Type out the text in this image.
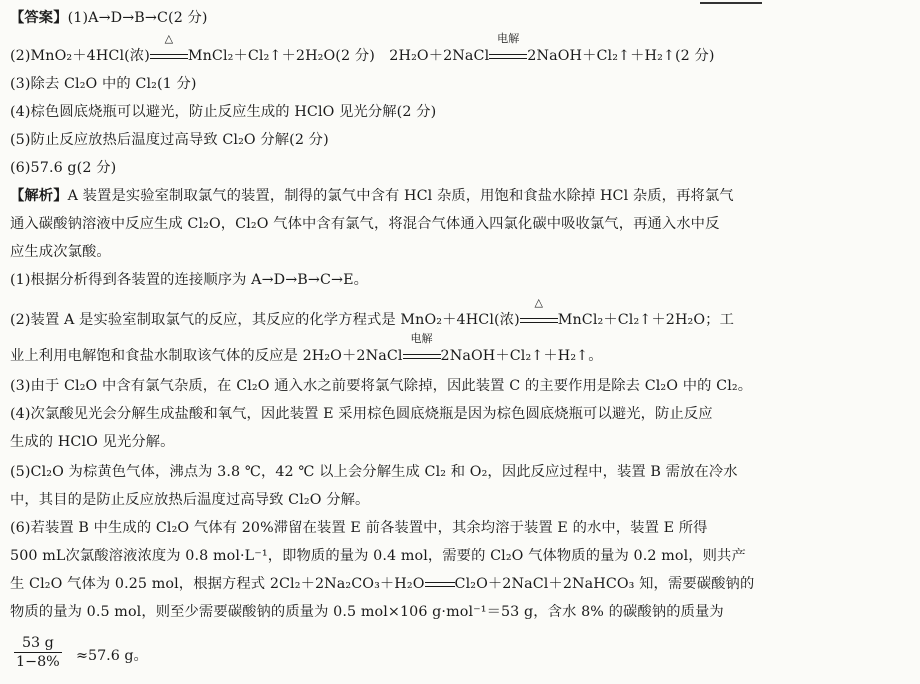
【答案】(1)A→D→B→C(2 分)
(2)MnO₂＋4HCl(浓)
△
MnCl₂＋Cl₂↑＋2H₂O(2 分)　2H₂O＋2NaCl
电解
2NaOH＋Cl₂↑＋H₂↑(2 分)
(3)除去 Cl₂O 中的 Cl₂(1 分)
(4)棕色圆底烧瓶可以避光，防止反应生成的 HClO 见光分解(2 分)
(5)防止反应放热后温度过高导致 Cl₂O 分解(2 分)
(6)57.6 g(2 分)
【解析】A 装置是实验室制取氯气的装置，制得的氯气中含有 HCl 杂质，用饱和食盐水除掉 HCl 杂质，再将氯气
通入碳酸钠溶液中反应生成 Cl₂O，Cl₂O 气体中含有氯气，将混合气体通入四氯化碳中吸收氯气，再通入水中反
应生成次氯酸。
(1)根据分析得到各装置的连接顺序为 A→D→B→C→E。
(2)装置 A 是实验室制取氯气的反应，其反应的化学方程式是 MnO₂＋4HCl(浓)
△
MnCl₂＋Cl₂↑＋2H₂O；工
业上利用电解饱和食盐水制取该气体的反应是 2H₂O＋2NaCl
电解
2NaOH＋Cl₂↑＋H₂↑。
(3)由于 Cl₂O 中含有氯气杂质，在 Cl₂O 通入水之前要将氯气除掉，因此装置 C 的主要作用是除去 Cl₂O 中的 Cl₂。
(4)次氯酸见光会分解生成盐酸和氧气，因此装置 E 采用棕色圆底烧瓶是因为棕色圆底烧瓶可以避光，防止反应
生成的 HClO 见光分解。
(5)Cl₂O 为棕黄色气体，沸点为 3.8 ℃，42 ℃ 以上会分解生成 Cl₂ 和 O₂，因此反应过程中，装置 B 需放在冷水
中，其目的是防止反应放热后温度过高导致 Cl₂O 分解。
(6)若装置 B 中生成的 Cl₂O 气体有 20%滞留在装置 E 前各装置中，其余均溶于装置 E 的水中，装置 E 所得
500 mL次氯酸溶液浓度为 0.8 mol·L⁻¹，即物质的量为 0.4 mol，需要的 Cl₂O 气体物质的量为 0.2 mol，则共产
生 Cl₂O 气体为 0.25 mol，根据方程式 2Cl₂＋2Na₂CO₃＋H₂O Cl₂O＋2NaCl＋2NaHCO₃ 知，需要碳酸钠的
物质的量为 0.5 mol，则至少需要碳酸钠的质量为 0.5 mol×106 g·mol⁻¹＝53 g，含水 8% 的碳酸钠的质量为
$\frac{53 g}{1-8\%} \approx 57.6$ g。
